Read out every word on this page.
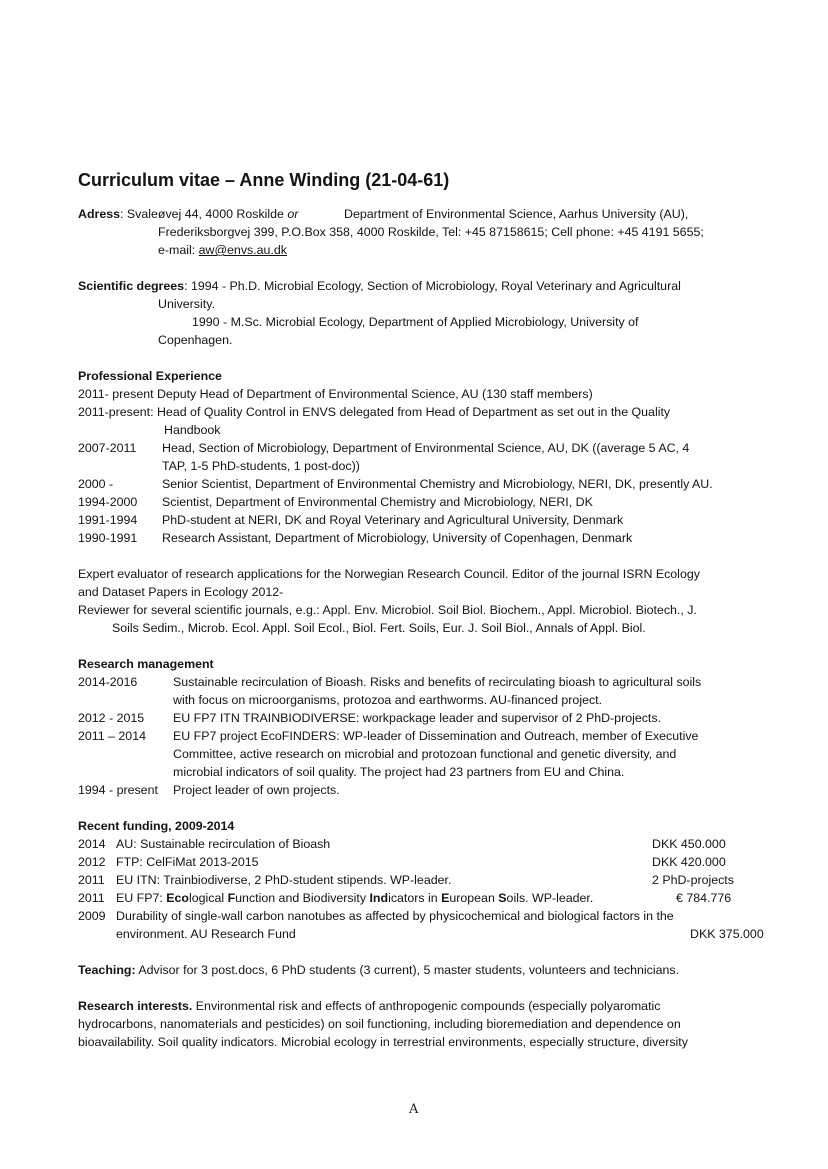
Curriculum vitae – Anne Winding (21-04-61)
Adress: Svaleøvej 44, 4000 Roskilde or	Department of Environmental Science, Aarhus University (AU),
Frederiksborgvej 399, P.O.Box 358, 4000 Roskilde, Tel: +45 87158615; Cell phone: +45 4191 5655;
e-mail: aw@envs.au.dk
Scientific degrees: 1994 - Ph.D. Microbial Ecology, Section of Microbiology, Royal Veterinary and Agricultural
University.
1990 - M.Sc. Microbial Ecology, Department of Applied Microbiology, University of
Copenhagen.
Professional Experience
2011- present Deputy Head of Department of Environmental Science, AU (130 staff members)
2011-present: Head of Quality Control in ENVS delegated from Head of Department as set out in the Quality
Handbook
2007-2011 Head, Section of Microbiology, Department of Environmental Science, AU, DK ((average 5 AC, 4
TAP, 1-5 PhD-students, 1 post-doc))
2000 -	Senior Scientist, Department of Environmental Chemistry and Microbiology, NERI, DK, presently AU.
1994-2000 Scientist, Department of Environmental Chemistry and Microbiology, NERI, DK
1991-1994 PhD-student at NERI, DK and Royal Veterinary and Agricultural University, Denmark
1990-1991 Research Assistant, Department of Microbiology, University of Copenhagen, Denmark
Expert evaluator of research applications for the Norwegian Research Council. Editor of the journal ISRN Ecology
and Dataset Papers in Ecology 2012-
Reviewer for several scientific journals, e.g.: Appl. Env. Microbiol. Soil Biol. Biochem., Appl. Microbiol. Biotech., J.
Soils Sedim., Microb. Ecol. Appl. Soil Ecol., Biol. Fert. Soils, Eur. J. Soil Biol., Annals of Appl. Biol.
Research management
2014-2016	Sustainable recirculation of Bioash. Risks and benefits of recirculating bioash to agricultural soils
with focus on microorganisms, protozoa and earthworms. AU-financed project.
2012 - 2015 EU FP7 ITN TRAINBIODIVERSE: workpackage leader and supervisor of 2 PhD-projects.
2011 – 2014 EU FP7 project EcoFINDERS: WP-leader of Dissemination and Outreach, member of Executive
Committee, active research on microbial and protozoan functional and genetic diversity, and
microbial indicators of soil quality. The project had 23 partners from EU and China.
1994 - present Project leader of own projects.
Recent funding, 2009-2014
2014 AU: Sustainable recirculation of Bioash	DKK 450.000
2012 FTP: CelFiMat 2013-2015	DKK 420.000
2011 EU ITN: Trainbiodiverse, 2 PhD-student stipends. WP-leader.	2 PhD-projects
2011 EU FP7: Ecological Function and Biodiversity Indicators in European Soils. WP-leader.	€ 784.776
2009 Durability of single-wall carbon nanotubes as affected by physicochemical and biological factors in the
environment. AU Research Fund	DKK 375.000
Teaching: Advisor for 3 post.docs, 6 PhD students (3 current), 5 master students, volunteers and technicians.
Research interests. Environmental risk and effects of anthropogenic compounds (especially polyaromatic
hydrocarbons, nanomaterials and pesticides) on soil functioning, including bioremediation and dependence on
bioavailability. Soil quality indicators. Microbial ecology in terrestrial environments, especially structure, diversity
A
